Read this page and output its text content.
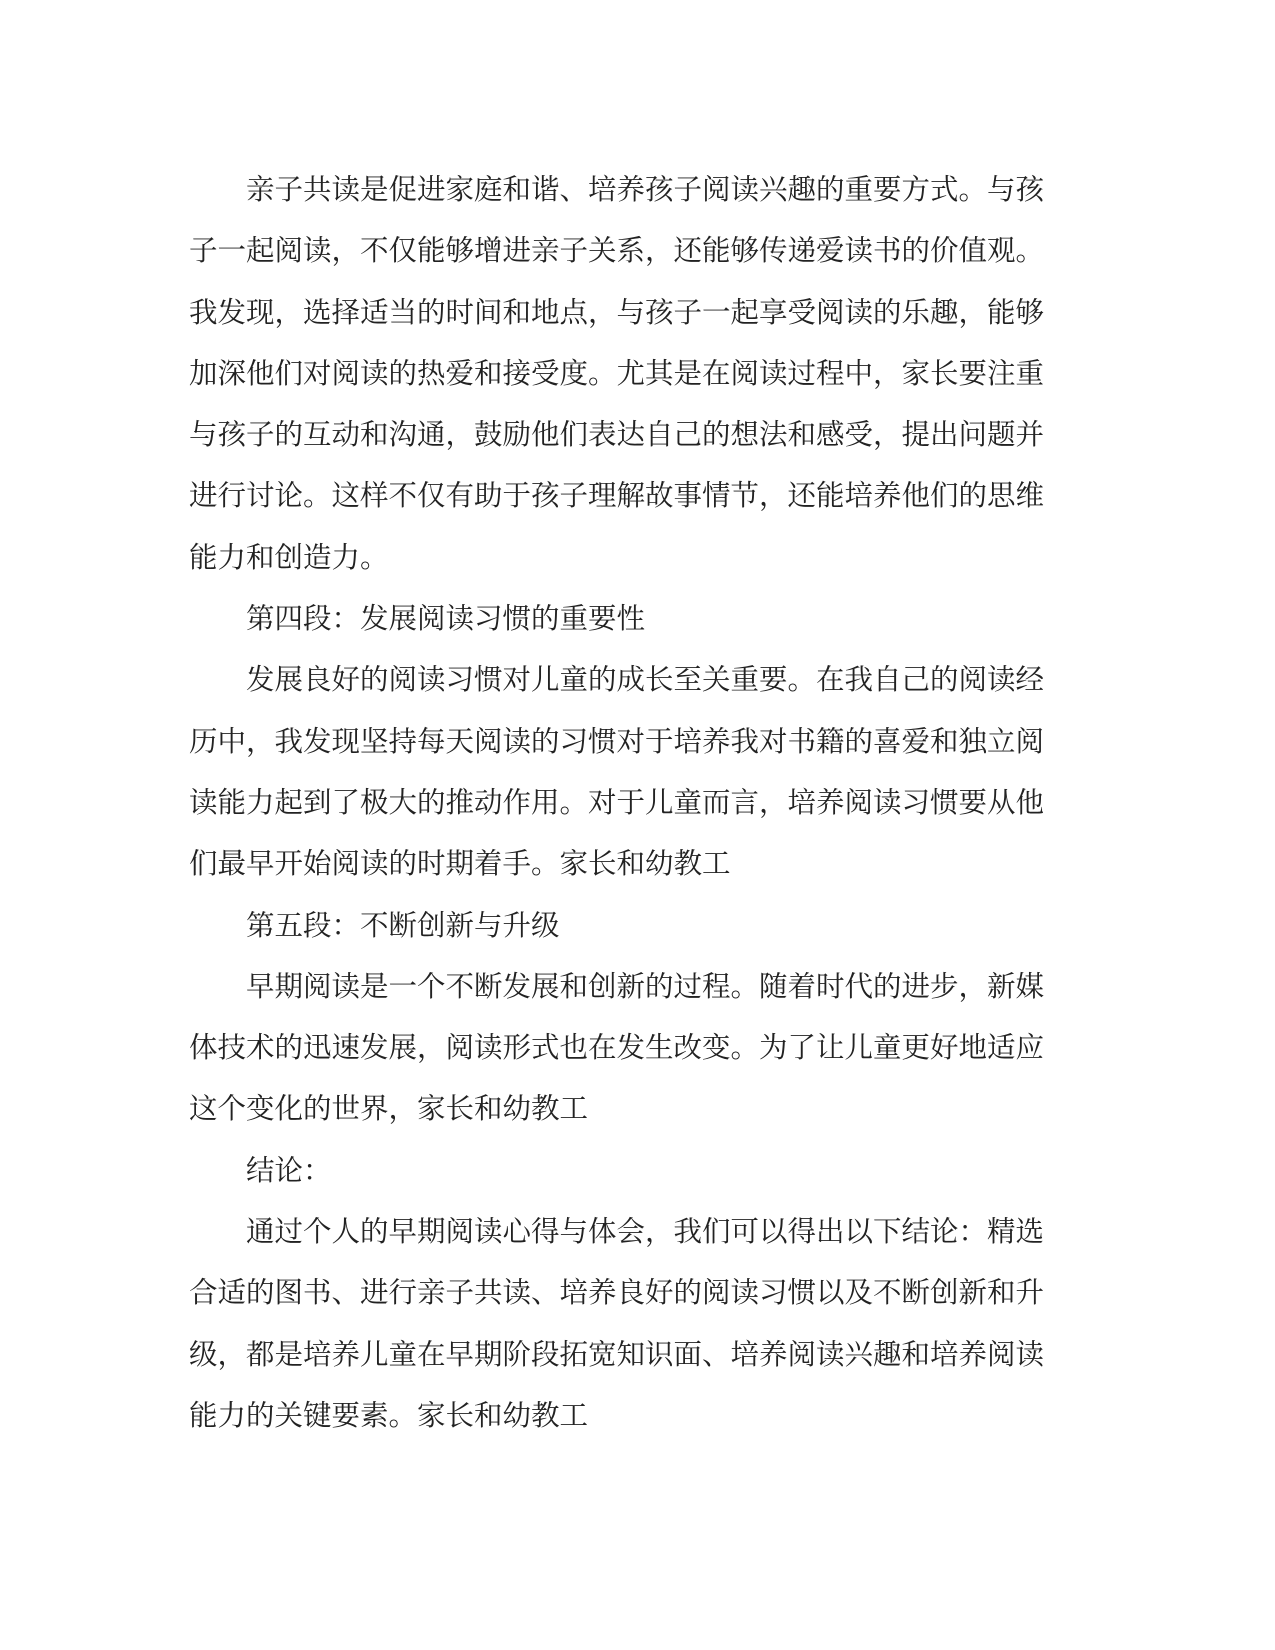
　　亲子共读是促进家庭和谐、培养孩子阅读兴趣的重要方式。与孩
子一起阅读，不仅能够增进亲子关系，还能够传递爱读书的价值观。
我发现，选择适当的时间和地点，与孩子一起享受阅读的乐趣，能够
加深他们对阅读的热爱和接受度。尤其是在阅读过程中，家长要注重
与孩子的互动和沟通，鼓励他们表达自己的想法和感受，提出问题并
进行讨论。这样不仅有助于孩子理解故事情节，还能培养他们的思维
能力和创造力。
　　第四段：发展阅读习惯的重要性
　　发展良好的阅读习惯对儿童的成长至关重要。在我自己的阅读经
历中，我发现坚持每天阅读的习惯对于培养我对书籍的喜爱和独立阅
读能力起到了极大的推动作用。对于儿童而言，培养阅读习惯要从他
们最早开始阅读的时期着手。家长和幼教工
　　第五段：不断创新与升级
　　早期阅读是一个不断发展和创新的过程。随着时代的进步，新媒
体技术的迅速发展，阅读形式也在发生改变。为了让儿童更好地适应
这个变化的世界，家长和幼教工
　　结论：
　　通过个人的早期阅读心得与体会，我们可以得出以下结论：精选
合适的图书、进行亲子共读、培养良好的阅读习惯以及不断创新和升
级，都是培养儿童在早期阶段拓宽知识面、培养阅读兴趣和培养阅读
能力的关键要素。家长和幼教工
